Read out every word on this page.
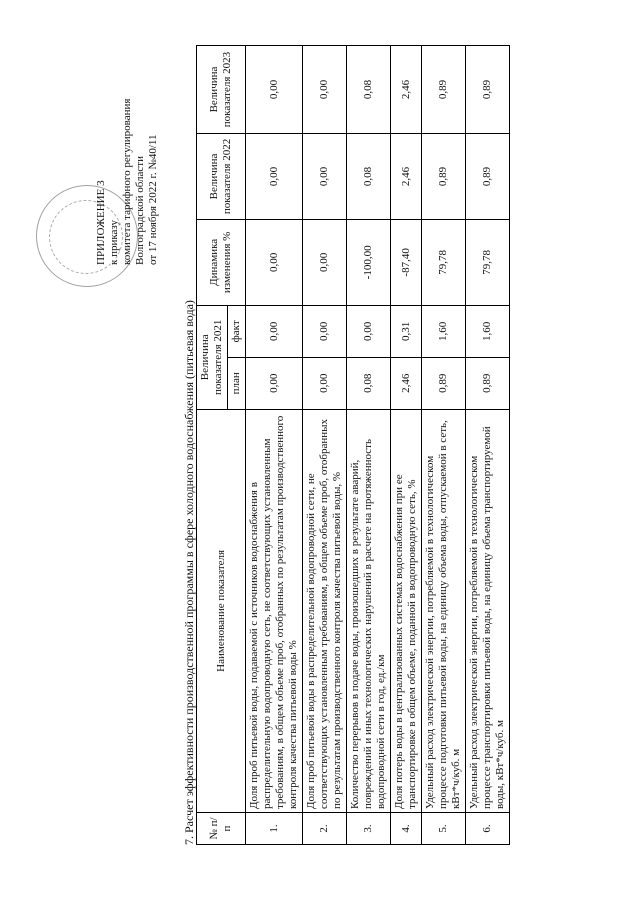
ПРИЛОЖЕНИЕ 3 к приказу комитета тарифного регулирования Волгоградской области от 17 ноября 2022 г. №40/11
7. Расчет эффективности производственной программы в сфере холодного водоснабжения (питьевая вода) № п/п	Наименование показателя	Величина показателя 2021		Динамика изменения %	Величина показателя 2022	Величина показателя 2023
		план	факт			
1.	Доля проб питьевой воды, подаваемой с источников водоснабжения в распределительную водопроводную сеть, не соответствующих установленным требованиям, в общем объеме проб, отобранных по результатам производственного контроля качества питьевой воды %	0,00	0,00	0,00	0,00	0,00
2.	Доля проб питьевой воды в распределительной водопроводной сети, не соответствующих установленным требованиям, в общем объеме проб, отобранных по результатам производственного контроля качества питьевой воды, %	0,00	0,00	0,00	0,00	0,00
3.	Количество перерывов в подаче воды, произошедших в результате аварий, повреждений и иных технологических нарушений в расчете на протяженность водопроводной сети в год, ед./км	0,08	0,00	-100,00	0,08	0,08
4.	Доля потерь воды в централизованных системах водоснабжения при ее транспортировке в общем объеме, поданной в водопроводную сеть, %	2,46	0,31	-87,40	2,46	2,46
5.	Удельный расход электрической энергии, потребляемой в технологическом процессе подготовки питьевой воды, на единицу объема воды, отпускаемой в сеть, кВт*ч/куб. м	0,89	1,60	79,78	0,89	0,89
6.	Удельный расход электрической энергии, потребляемой в технологическом процессе транспортировки питьевой воды, на единицу объема транспортируемой воды, кВт*ч/куб. м	0,89	1,60	79,78	0,89	0,89
